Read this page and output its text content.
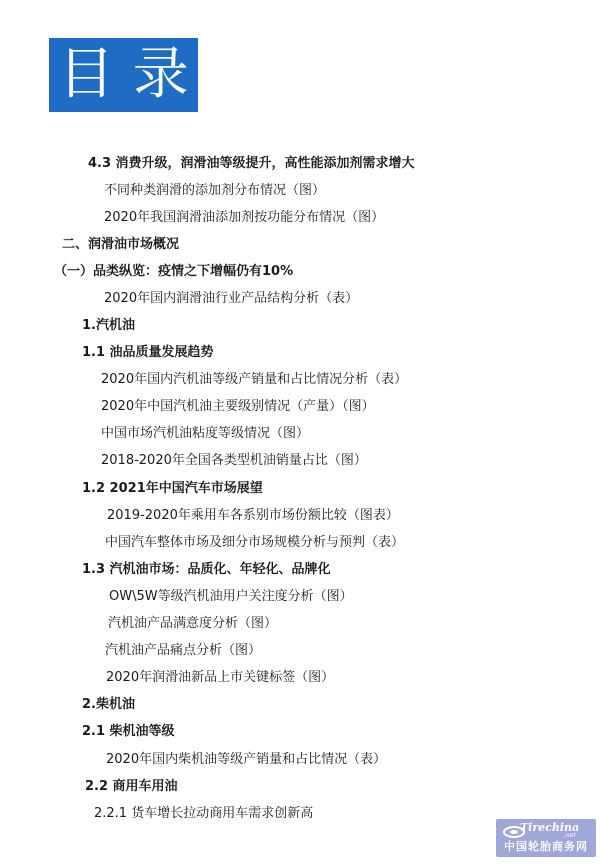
目 录
4.3 消费升级，润滑油等级提升，高性能添加剂需求增大
不同种类润滑的添加剂分布情况（图）
2020年我国润滑油添加剂按功能分布情况（图）
二、润滑油市场概况
（一）品类纵览：疫情之下增幅仍有10%
2020年国内润滑油行业产品结构分析（表）
1.汽机油
1.1 油品质量发展趋势
2020年国内汽机油等级产销量和占比情况分析（表）
2020年中国汽机油主要级别情况（产量）（图）
中国市场汽机油粘度等级情况（图）
2018-2020年全国各类型机油销量占比（图）
1.2 2021年中国汽车市场展望
2019-2020年乘用车各系别市场份额比较（图表）
中国汽车整体市场及细分市场规模分析与预判（表）
1.3 汽机油市场：品质化、年轻化、品牌化
OW\5W等级汽机油用户关注度分析（图）
汽机油产品满意度分析（图）
汽机油产品痛点分析（图）
2020年润滑油新品上市关键标签（图）
2.柴机油
2.1 柴机油等级
2020年国内柴机油等级产销量和占比情况（表）
2.2 商用车用油
2.2.1 货车增长拉动商用车需求创新高
Tirechina
.net
中国轮胎商务网
